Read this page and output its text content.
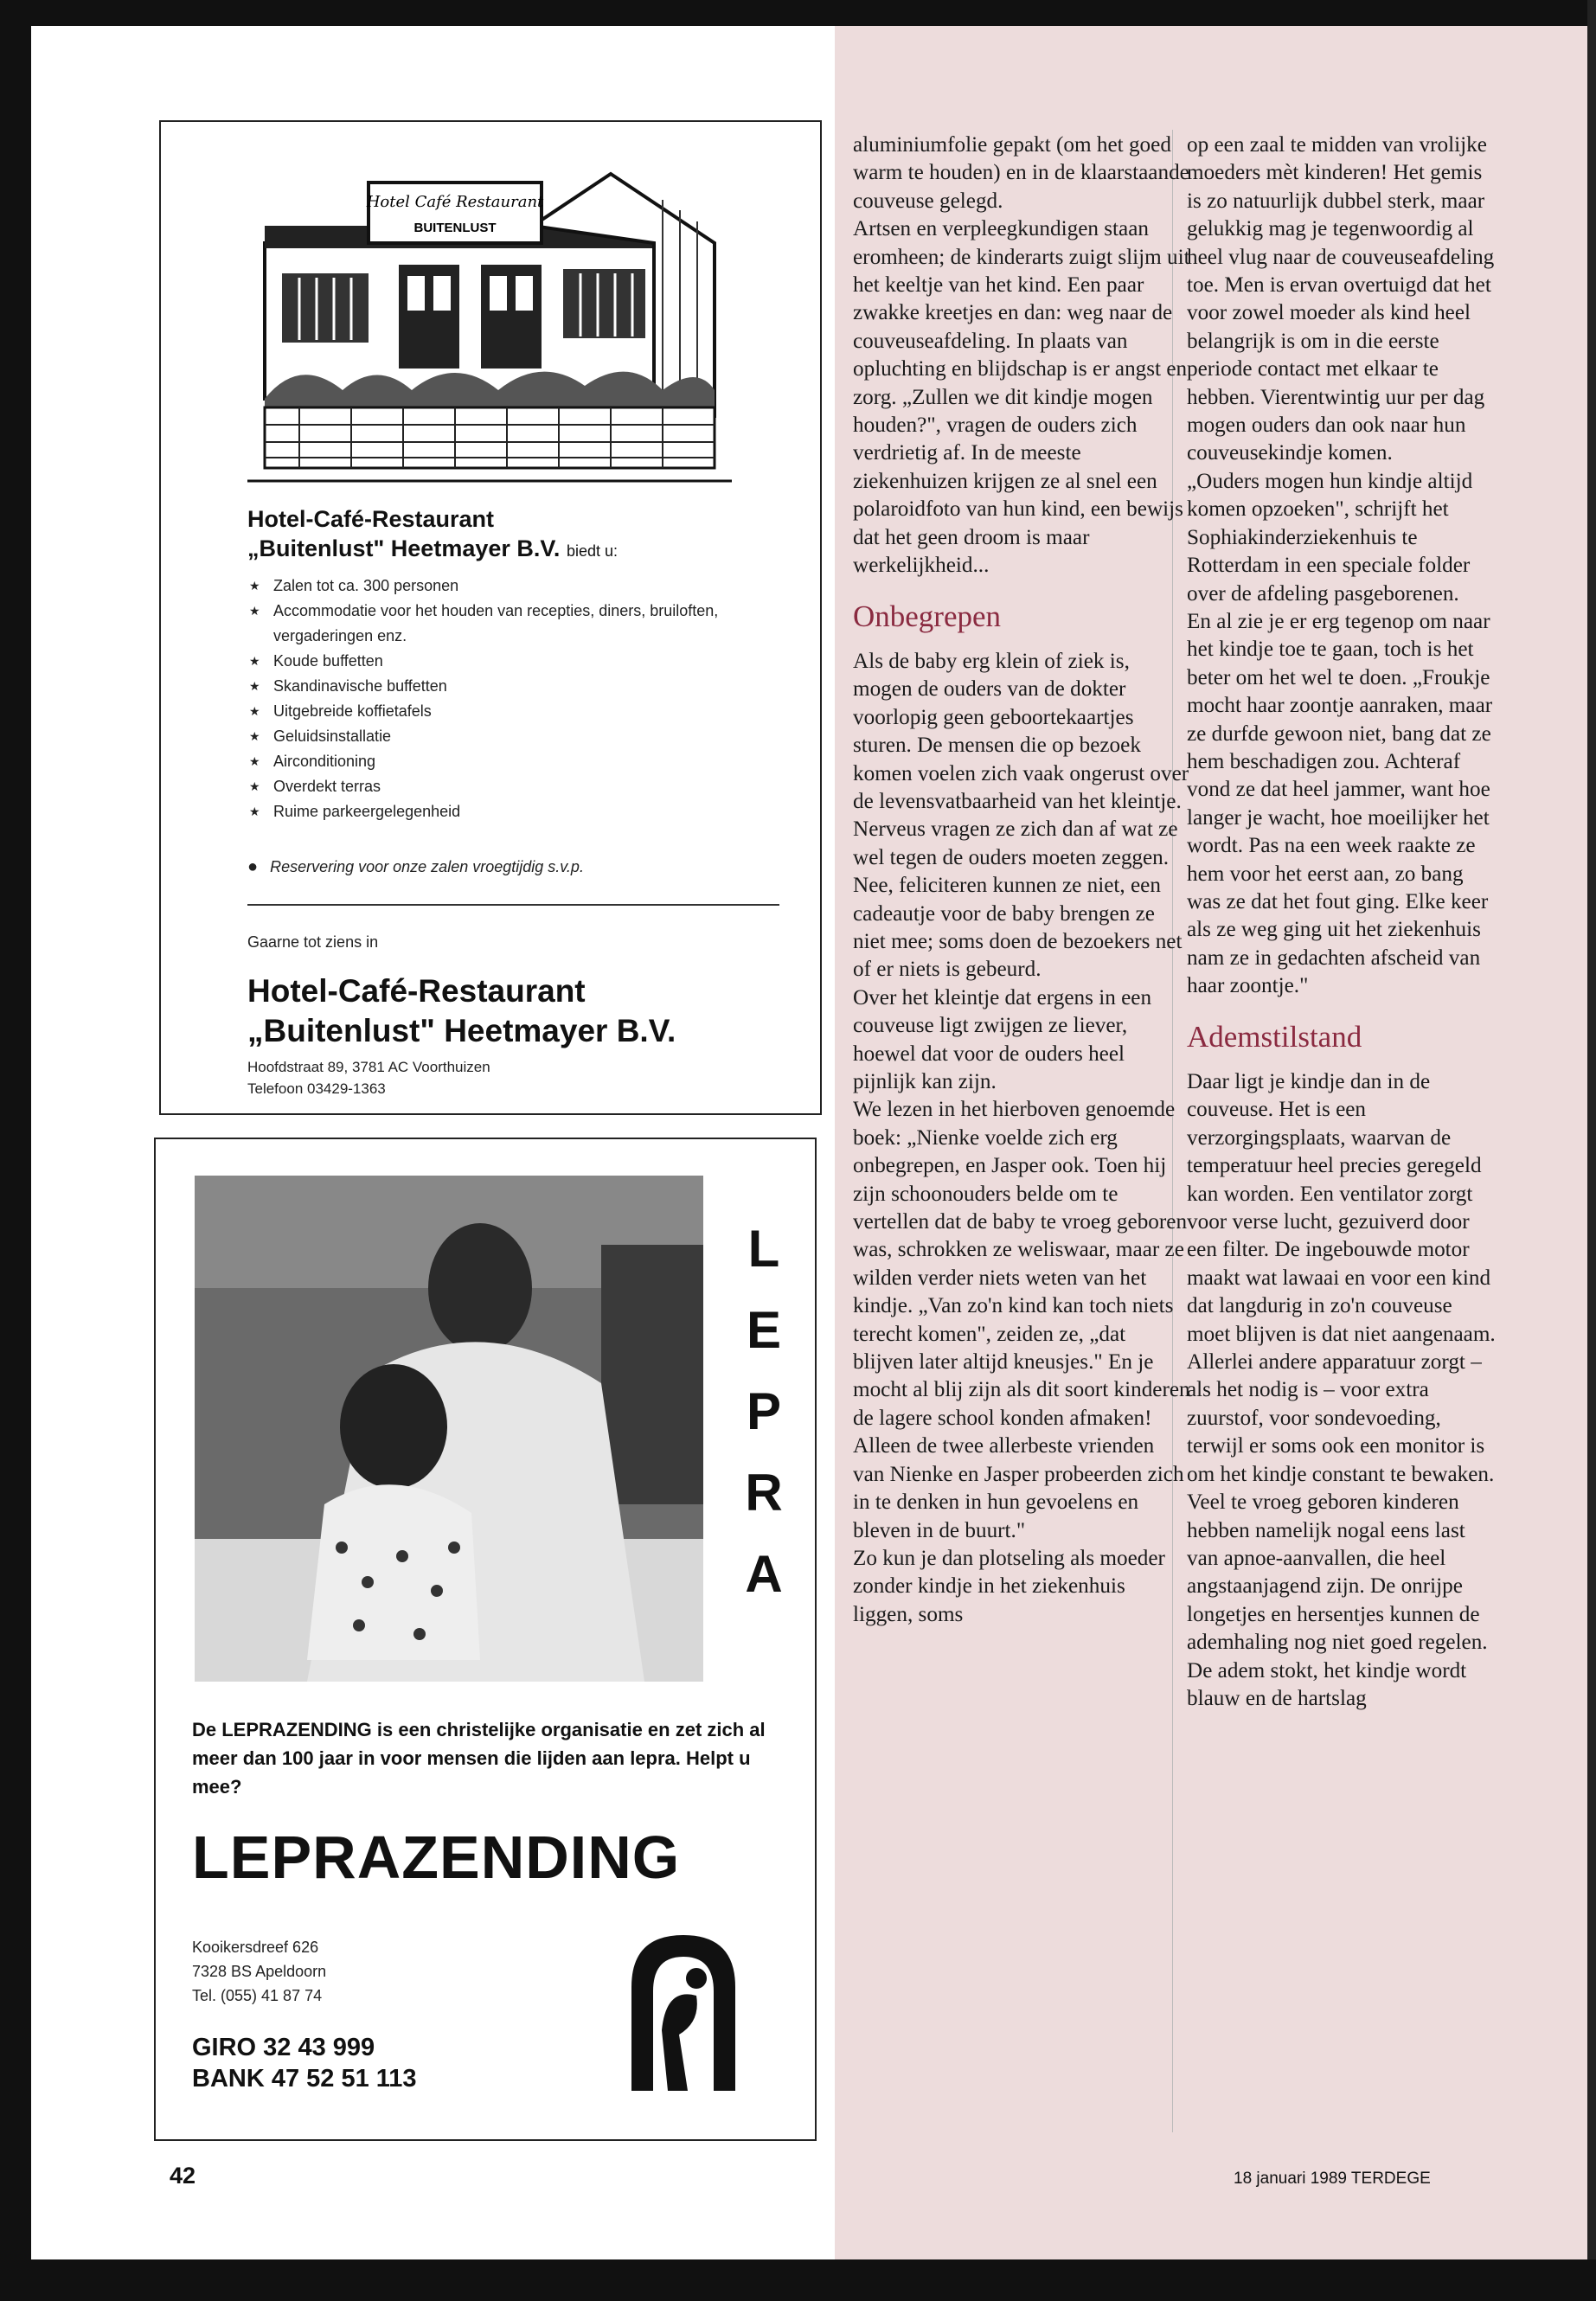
Hotel Café Restaurant
BUITENLUST
Hotel-Café-Restaurant
„Buitenlust" Heetmayer B.V. biedt u:
★ Zalen tot ca. 300 personen
★ Accommodatie voor het houden van recepties, diners, bruiloften, vergaderingen enz.
★ Koude buffetten
★ Skandinavische buffetten
★ Uitgebreide koffietafels
★ Geluidsinstallatie
★ Airconditioning
★ Overdekt terras
★ Ruime parkeergelegenheid
● Reservering voor onze zalen vroegtijdig s.v.p.
Gaarne tot ziens in
Hotel-Café-Restaurant
„Buitenlust" Heetmayer B.V.
Hoofdstraat 89, 3781 AC Voorthuizen
Telefoon 03429-1363
L
E
P
R
A
De LEPRAZENDING is een christelijke organisatie en zet zich al meer dan 100 jaar in voor mensen die lijden aan lepra. Helpt u mee?
LEPRAZENDING
Kooikersdreef 626
7328 BS Apeldoorn
Tel. (055) 41 87 74
GIRO 32 43 999
BANK 47 52 51 113

aluminiumfolie gepakt (om het goed warm te houden) en in de klaarstaande couveuse gelegd.

Artsen en verpleegkundigen staan eromheen; de kinderarts zuigt slijm uit het keeltje van het kind. Een paar zwakke kreetjes en dan: weg naar de couveuseafdeling. In plaats van opluchting en blijdschap is er angst en zorg. „Zullen we dit kindje mogen houden?", vragen de ouders zich verdrietig af. In de meeste ziekenhuizen krijgen ze al snel een polaroidfoto van hun kind, een bewijs dat het geen droom is maar werkelijkheid...

Onbegrepen

Als de baby erg klein of ziek is, mogen de ouders van de dokter voorlopig geen geboortekaartjes sturen. De mensen die op bezoek komen voelen zich vaak ongerust over de levensvatbaarheid van het kleintje. Nerveus vragen ze zich dan af wat ze wel tegen de ouders moeten zeggen. Nee, feliciteren kunnen ze niet, een cadeautje voor de baby brengen ze niet mee; soms doen de bezoekers net of er niets is gebeurd.

Over het kleintje dat ergens in een couveuse ligt zwijgen ze liever, hoewel dat voor de ouders heel pijnlijk kan zijn.

We lezen in het hierboven genoemde boek: „Nienke voelde zich erg onbegrepen, en Jasper ook. Toen hij zijn schoonouders belde om te vertellen dat de baby te vroeg geboren was, schrokken ze weliswaar, maar ze wilden verder niets weten van het kindje. „Van zo'n kind kan toch niets terecht komen", zeiden ze, „dat blijven later altijd kneusjes." En je mocht al blij zijn als dit soort kinderen de lagere school konden afmaken! Alleen de twee allerbeste vrienden van Nienke en Jasper probeerden zich in te denken in hun gevoelens en bleven in de buurt."

Zo kun je dan plotseling als moeder zonder kindje in het ziekenhuis liggen, soms

op een zaal te midden van vrolijke moeders mèt kinderen! Het gemis is zo natuurlijk dubbel sterk, maar gelukkig mag je tegenwoordig al heel vlug naar de couveuseafdeling toe. Men is ervan overtuigd dat het voor zowel moeder als kind heel belangrijk is om in die eerste periode contact met elkaar te hebben. Vierentwintig uur per dag mogen ouders dan ook naar hun couveusekindje komen.

„Ouders mogen hun kindje altijd komen opzoeken", schrijft het Sophiakinderziekenhuis te Rotterdam in een speciale folder over de afdeling pasgeborenen.

En al zie je er erg tegenop om naar het kindje toe te gaan, toch is het beter om het wel te doen. „Froukje mocht haar zoontje aanraken, maar ze durfde gewoon niet, bang dat ze hem beschadigen zou. Achteraf vond ze dat heel jammer, want hoe langer je wacht, hoe moeilijker het wordt. Pas na een week raakte ze hem voor het eerst aan, zo bang was ze dat het fout ging. Elke keer als ze weg ging uit het ziekenhuis nam ze in gedachten afscheid van haar zoontje."

Ademstilstand

Daar ligt je kindje dan in de couveuse. Het is een verzorgingsplaats, waarvan de temperatuur heel precies geregeld kan worden. Een ventilator zorgt voor verse lucht, gezuiverd door een filter. De ingebouwde motor maakt wat lawaai en voor een kind dat langdurig in zo'n couveuse moet blijven is dat niet aangenaam. Allerlei andere apparatuur zorgt – als het nodig is – voor extra zuurstof, voor sondevoeding, terwijl er soms ook een monitor is om het kindje constant te bewaken. Veel te vroeg geboren kinderen hebben namelijk nogal eens last van apnoe-aanvallen, die heel angstaanjagend zijn. De onrijpe longetjes en hersentjes kunnen de ademhaling nog niet goed regelen. De adem stokt, het kindje wordt blauw en de hartslag

42	18 januari 1989 TERDEGE
